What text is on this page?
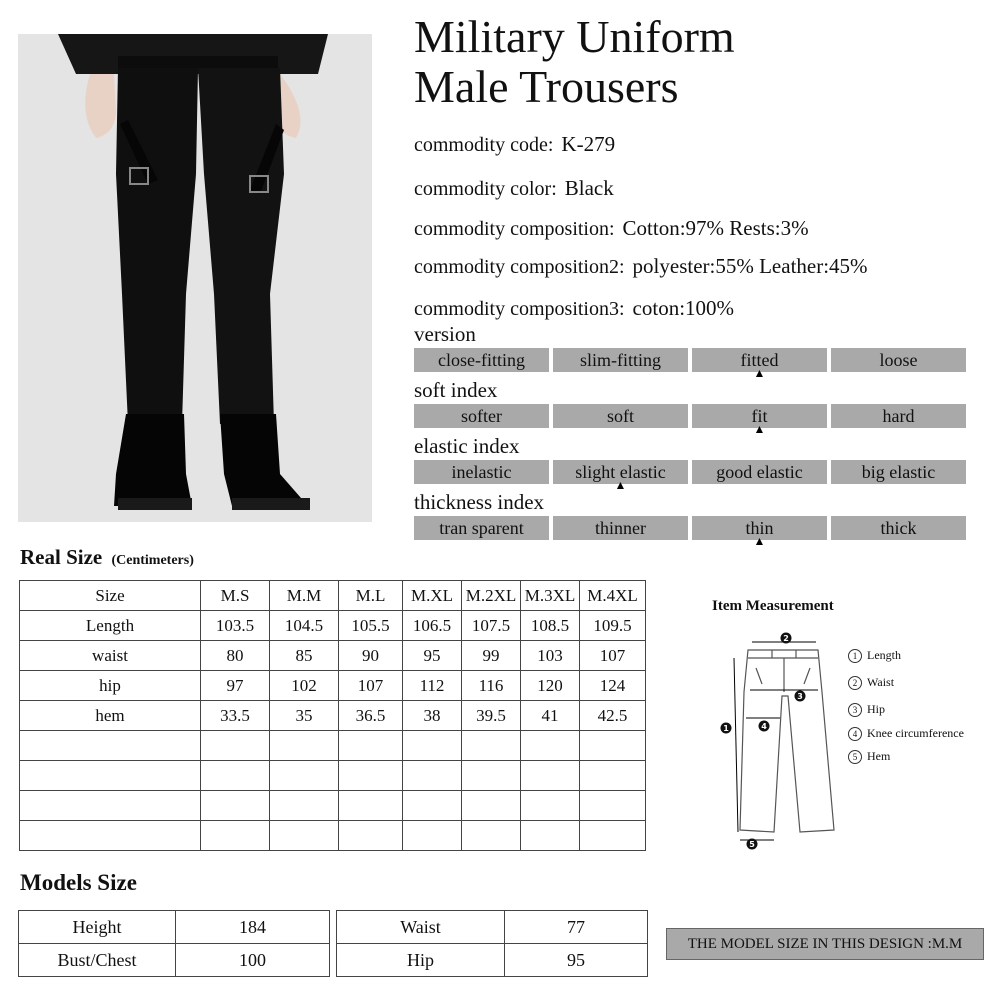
Military Uniform
Male Trousers
commodity code: K-279
commodity color: Black
commodity composition: Cotton:97% Rests:3%
commodity composition2: polyester:55% Leather:45%
commodity composition3: coton:100%
version
close-fitting	slim-fitting	fitted
▲
loose
soft index
softer	soft	fit
▲
hard
elastic index
inelastic	slight elastic
▲
good elastic	big elastic
thickness index
tran sparent	thinner	thin
▲
thick
Real Size (Centimeters)
Size	M.S	M.M	M.L	M.XL	M.2XL	M.3XL	M.4XL
Length	103.5	104.5	105.5	106.5	107.5	108.5	109.5
waist	80	85	90	95	99	103	107
hip	97	102	107	112	116	120	124
hem	33.5	35	36.5	38	39.5	41	42.5

Item Measurement
2
3
4
1
5
1 Length
2 Waist
3 Hip
4 Knee circumference
5 Hem
Models Size
Height	184
Bust/Chest	100
Waist	77
Hip	95
THE MODEL SIZE IN THIS DESIGN :M.M
